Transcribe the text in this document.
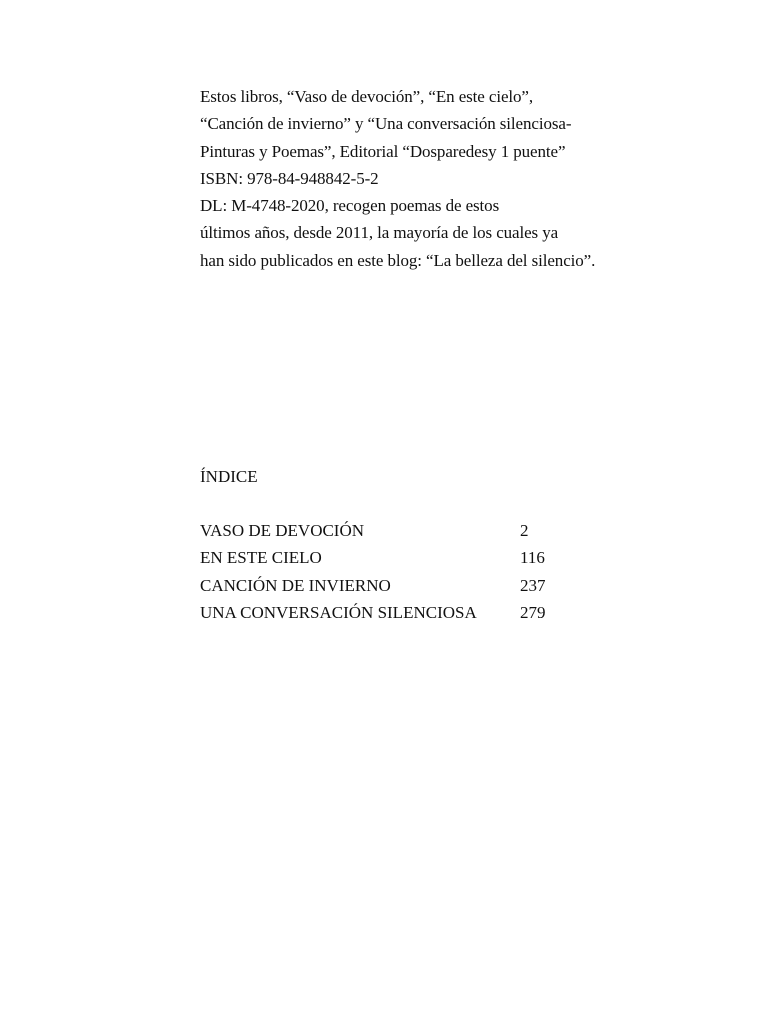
Estos libros, “Vaso de devoción”, “En este cielo”,
“Canción de invierno” y “Una conversación silenciosa-
Pinturas y Poemas”, Editorial “Dosparedesy 1 puente”
ISBN: 978-84-948842-5-2
DL: M-4748-2020, recogen poemas de estos
últimos años, desde 2011, la mayoría de los cuales ya
han sido publicados en este blog: “La belleza del silencio”.
ÍNDICE
VASO DE DEVOCIÓN	2
EN ESTE CIELO	116
CANCIÓN DE INVIERNO	237
UNA CONVERSACIÓN SILENCIOSA	279
